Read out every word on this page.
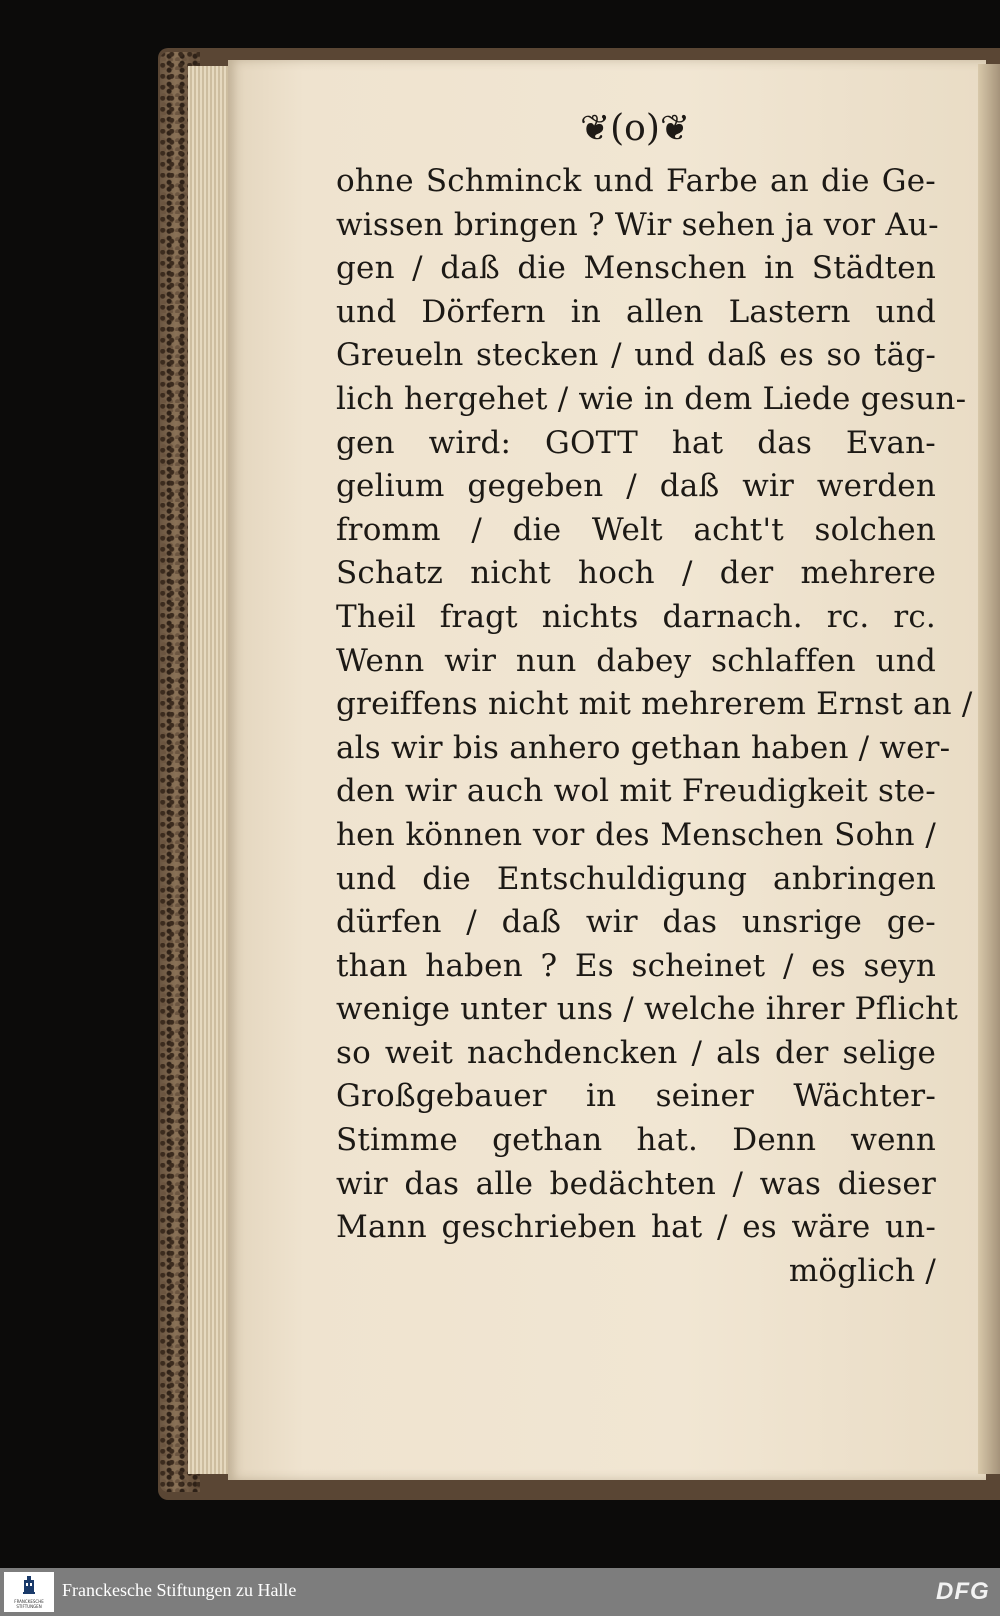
❦(o)❦
ohne Schminck und Farbe an die Ge-
wissen bringen ? Wir sehen ja vor Au-
gen / daß die Menschen in Städten
und Dörfern in allen Lastern und
Greueln stecken / und daß es so täg-
lich hergehet / wie in dem Liede gesun-
gen wird: GOTT hat das Evan-
gelium gegeben / daß wir werden
fromm / die Welt acht't solchen
Schatz nicht hoch / der mehrere
Theil fragt nichts darnach. rc. rc.
Wenn wir nun dabey schlaffen und
greiffens nicht mit mehrerem Ernst an /
als wir bis anhero gethan haben / wer-
den wir auch wol mit Freudigkeit ste-
hen können vor des Menschen Sohn /
und die Entschuldigung anbringen
dürfen / daß wir das unsrige ge-
than haben ? Es scheinet / es seyn
wenige unter uns / welche ihrer Pflicht
so weit nachdencken / als der selige
Großgebauer in seiner Wächter-
Stimme gethan hat. Denn wenn
wir das alle bedächten / was dieser
Mann geschrieben hat / es wäre un-
möglich /
FRANCKESCHE STIFTUNGEN
Franckesche Stiftungen zu Halle	DFG
